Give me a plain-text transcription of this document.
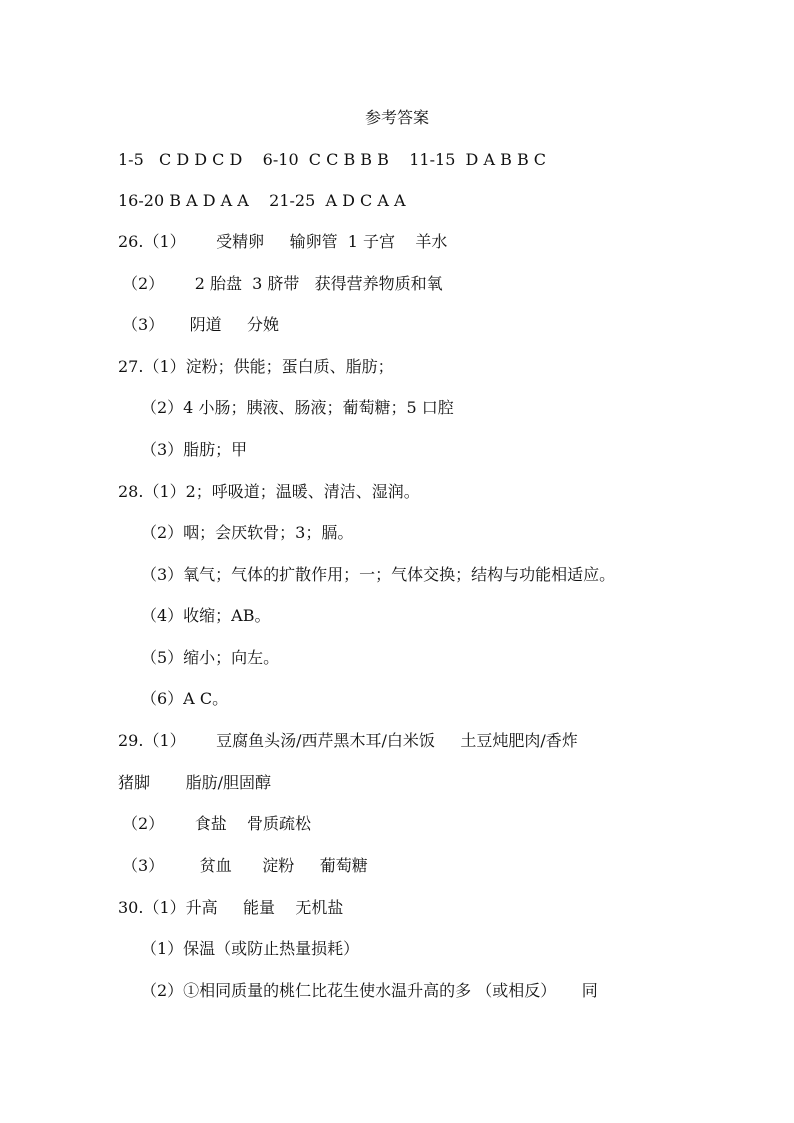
参考答案
1-5   C D D C D    6-10  C C B B B    11-15  D A B B C
16-20 B A D A A    21-25  A D C A A
26.（1）      受精卵     输卵管  1 子宫    羊水
（2）      2 胎盘  3 脐带   获得营养物质和氧
（3）     阴道     分娩
27.（1）淀粉；供能；蛋白质、脂肪；
（2）4 小肠；胰液、肠液；葡萄糖；5 口腔
（3）脂肪；甲
28.（1）2；呼吸道；温暖、清洁、湿润。
（2）咽；会厌软骨；3；膈。
（3）氧气；气体的扩散作用；一；气体交换；结构与功能相适应。
（4）收缩；AB。
（5）缩小；向左。
（6）A C。
29.（1）      豆腐鱼头汤/西芹黑木耳/白米饭     土豆炖肥肉/香炸
猪脚       脂肪/胆固醇
（2）      食盐    骨质疏松
（3）       贫血      淀粉     葡萄糖
30.（1）升高     能量    无机盐
（1）保温（或防止热量损耗）
（2）①相同质量的桃仁比花生使水温升高的多 （或相反）     同
